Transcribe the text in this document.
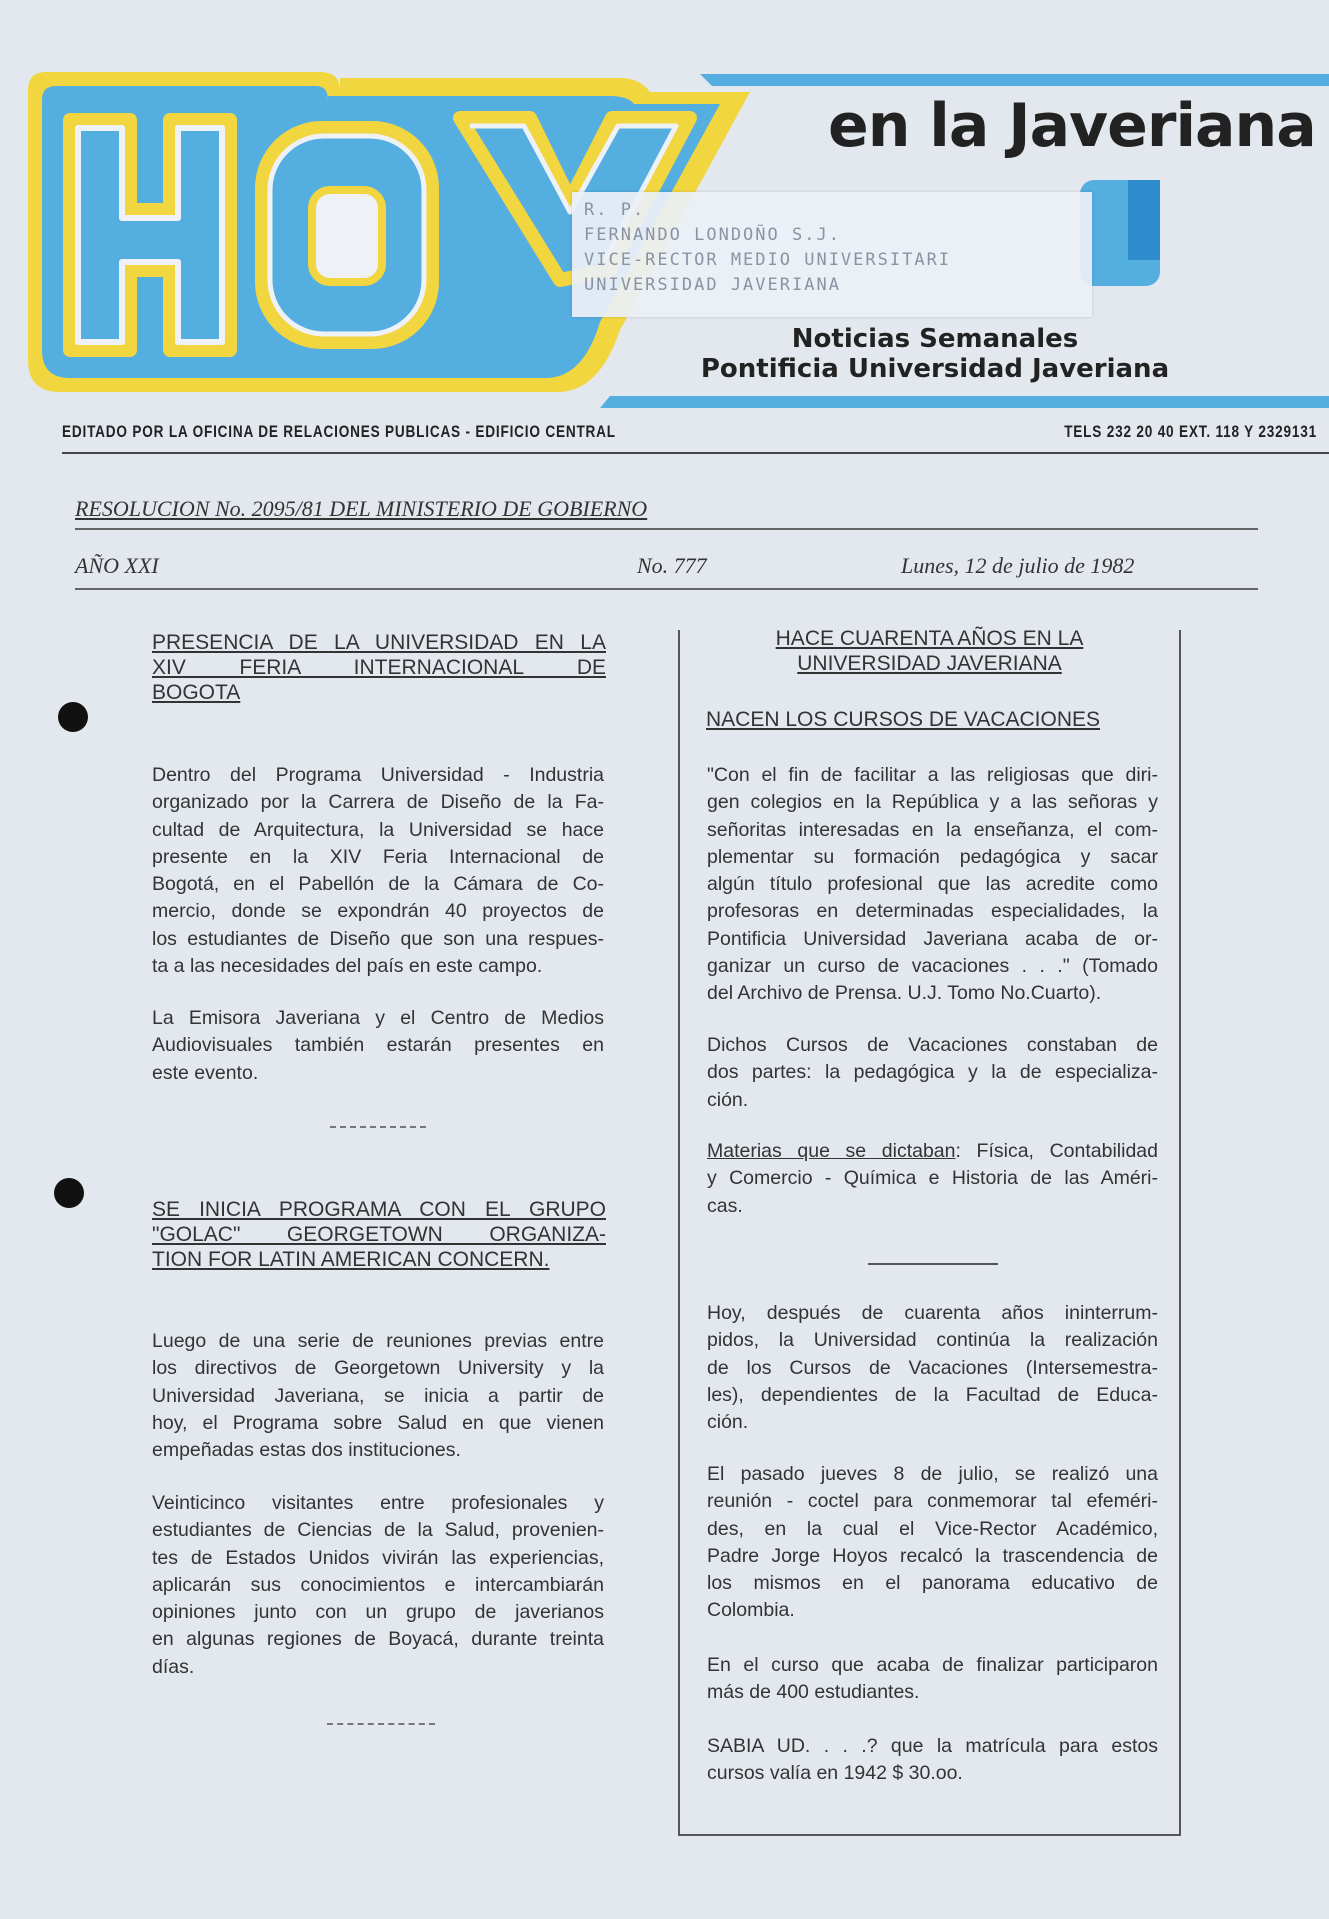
en la Javeriana
Noticias Semanales
Pontificia Universidad Javeriana
R. P.
FERNANDO LONDOÑO S.J.
VICE-RECTOR MEDIO UNIVERSITARI
UNIVERSIDAD JAVERIANA
EDITADO POR LA OFICINA DE RELACIONES PUBLICAS - EDIFICIO CENTRAL	TELS 232 20 40 EXT. 118 Y 2329131
RESOLUCION No. 2095/81 DEL MINISTERIO DE GOBIERNO
AÑO XXI	No. 777	Lunes, 12 de julio de 1982
PRESENCIA DE LA UNIVERSIDAD EN LA
XIV FERIA INTERNACIONAL DE
BOGOTA
Dentro del Programa Universidad - Industria
organizado por la Carrera de Diseño de la Fa-
cultad de Arquitectura, la Universidad se hace
presente en la XIV Feria Internacional de
Bogotá, en el Pabellón de la Cámara de Co-
mercio, donde se expondrán 40 proyectos de
los estudiantes de Diseño que son una respues-
ta a las necesidades del país en este campo.
La Emisora Javeriana y el Centro de Medios
Audiovisuales también estarán presentes en
este evento.
SE INICIA PROGRAMA CON EL GRUPO
"GOLAC" GEORGETOWN ORGANIZA-
TION FOR LATIN AMERICAN CONCERN.
Luego de una serie de reuniones previas entre
los directivos de Georgetown University y la
Universidad Javeriana, se inicia a partir de
hoy, el Programa sobre Salud en que vienen
empeñadas estas dos instituciones.
Veinticinco visitantes entre profesionales y
estudiantes de Ciencias de la Salud, provenien-
tes de Estados Unidos vivirán las experiencias,
aplicarán sus conocimientos e intercambiarán
opiniones junto con un grupo de javerianos
en algunas regiones de Boyacá, durante treinta
días.
HACE CUARENTA AÑOS EN LA
UNIVERSIDAD JAVERIANA
NACEN LOS CURSOS DE VACACIONES
"Con el fin de facilitar a las religiosas que diri-
gen colegios en la República y a las señoras y
señoritas interesadas en la enseñanza, el com-
plementar su formación pedagógica y sacar
algún título profesional que las acredite como
profesoras en determinadas especialidades, la
Pontificia Universidad Javeriana acaba de or-
ganizar un curso de vacaciones . . ." (Tomado
del Archivo de Prensa. U.J. Tomo No.Cuarto).
Dichos Cursos de Vacaciones constaban de
dos partes: la pedagógica y la de especializa-
ción.
Materias que se dictaban: Física, Contabilidad
y Comercio - Química e Historia de las Améri-
cas.
Hoy, después de cuarenta años ininterrum-
pidos, la Universidad continúa la realización
de los Cursos de Vacaciones (Intersemestra-
les), dependientes de la Facultad de Educa-
ción.
El pasado jueves 8 de julio, se realizó una
reunión - coctel para conmemorar tal efeméri-
des, en la cual el Vice-Rector Académico,
Padre Jorge Hoyos recalcó la trascendencia de
los mismos en el panorama educativo de
Colombia.
En el curso que acaba de finalizar participaron
más de 400 estudiantes.
SABIA UD. . . .? que la matrícula para estos
cursos valía en 1942 $ 30.oo.
